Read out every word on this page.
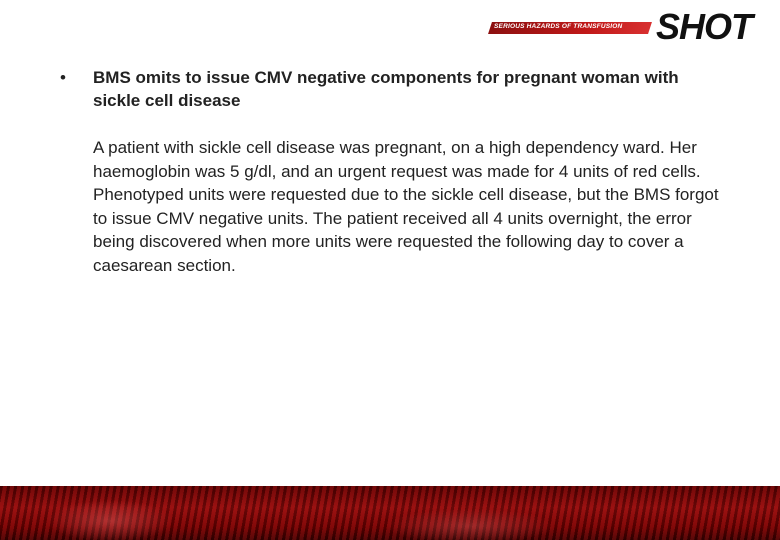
SERIOUS HAZARDS OF TRANSFUSION SHOT
•	BMS omits to issue CMV negative components for pregnant woman with sickle cell disease
A patient with sickle cell disease was pregnant, on a high dependency ward. Her haemoglobin was 5 g/dl, and an urgent request was made for 4 units of red cells. Phenotyped units were requested due to the sickle cell disease, but the BMS forgot to issue CMV negative units. The patient received all 4 units overnight, the error being discovered when more units were requested the following day to cover a caesarean section.
